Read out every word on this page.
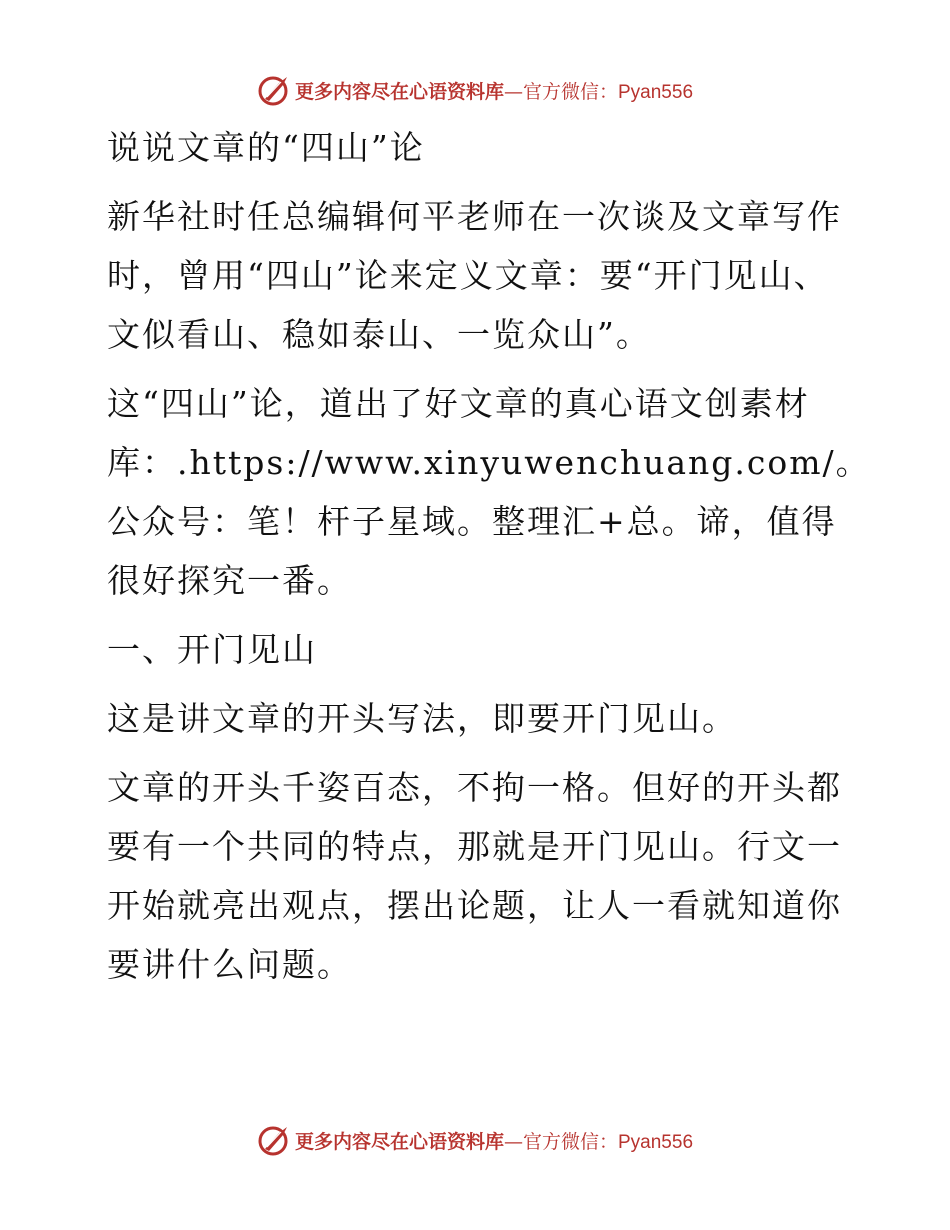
更多内容尽在心语资料库—官方微信：Pyan556

说说文章的“四山”论

新华社时任总编辑何平老师在一次谈及文章写作时，曾用“四山”论来定义文章：要“开门见山、文似看山、稳如泰山、一览众山”。

这“四山”论，道出了好文章的真心语文创素材库：.https://www.xinyuwenchuang.com/。公众号：笔！杆子星域。整理汇+总。谛，值得很好探究一番。

一、开门见山

这是讲文章的开头写法，即要开门见山。

文章的开头千姿百态，不拘一格。但好的开头都要有一个共同的特点，那就是开门见山。行文一开始就亮出观点，摆出论题，让人一看就知道你要讲什么问题。

更多内容尽在心语资料库—官方微信：Pyan556
